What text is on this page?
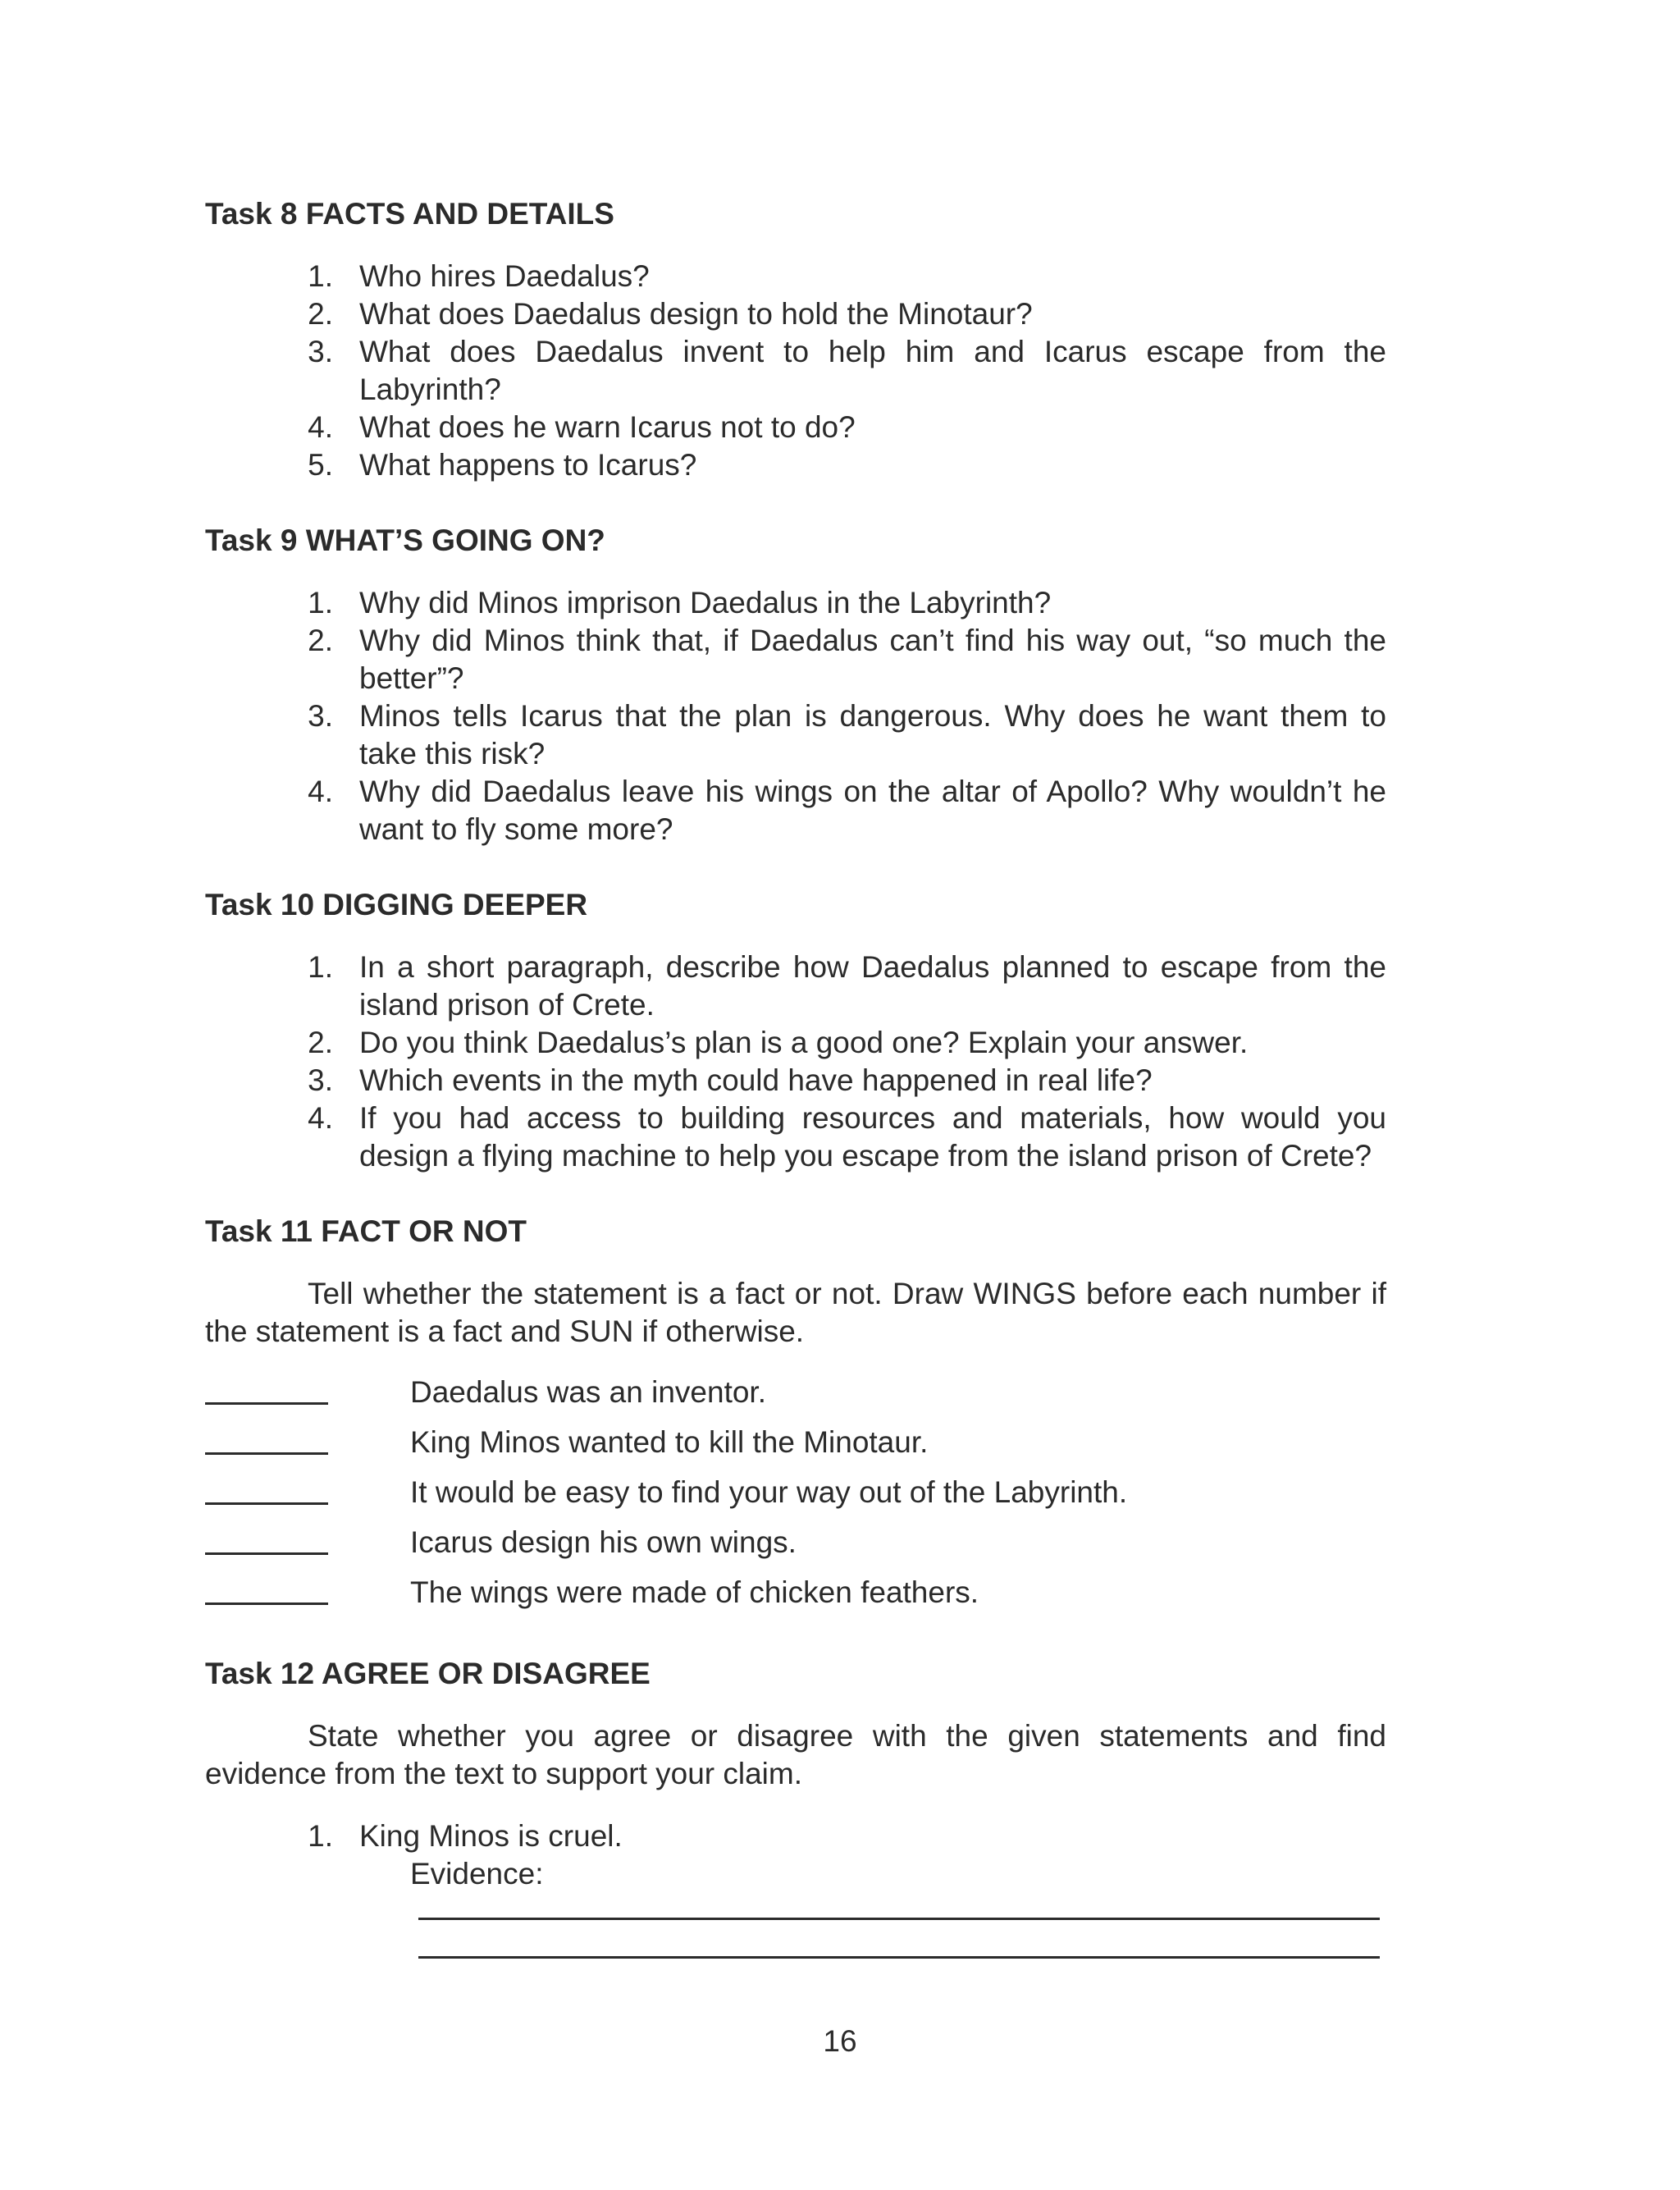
Task 8 FACTS AND DETAILS
1. Who hires Daedalus?
2. What does Daedalus design to hold the Minotaur?
3. What does Daedalus invent to help him and Icarus escape from the Labyrinth?
4. What does he warn Icarus not to do?
5. What happens to Icarus?
Task 9 WHAT’S GOING ON?
1. Why did Minos imprison Daedalus in the Labyrinth?
2. Why did Minos think that, if Daedalus can’t find his way out, “so much the better”?
3. Minos tells Icarus that the plan is dangerous. Why does he want them to take this risk?
4. Why did Daedalus leave his wings on the altar of Apollo? Why wouldn’t he want to fly some more?
Task 10 DIGGING DEEPER
1. In a short paragraph, describe how Daedalus planned to escape from the island prison of Crete.
2. Do you think Daedalus’s plan is a good one? Explain your answer.
3. Which events in the myth could have happened in real life?
4. If you had access to building resources and materials, how would you design a flying machine to help you escape from the island prison of Crete?
Task 11 FACT OR NOT

Tell whether the statement is a fact or not. Draw WINGS before each number if the statement is a fact and SUN if otherwise.

Daedalus was an inventor.
King Minos wanted to kill the Minotaur.
It would be easy to find your way out of the Labyrinth.
Icarus design his own wings.
The wings were made of chicken feathers.
Task 12 AGREE OR DISAGREE

State whether you agree or disagree with the given statements and find evidence from the text to support your claim.

1. King Minos is cruel.
Evidence:
16
